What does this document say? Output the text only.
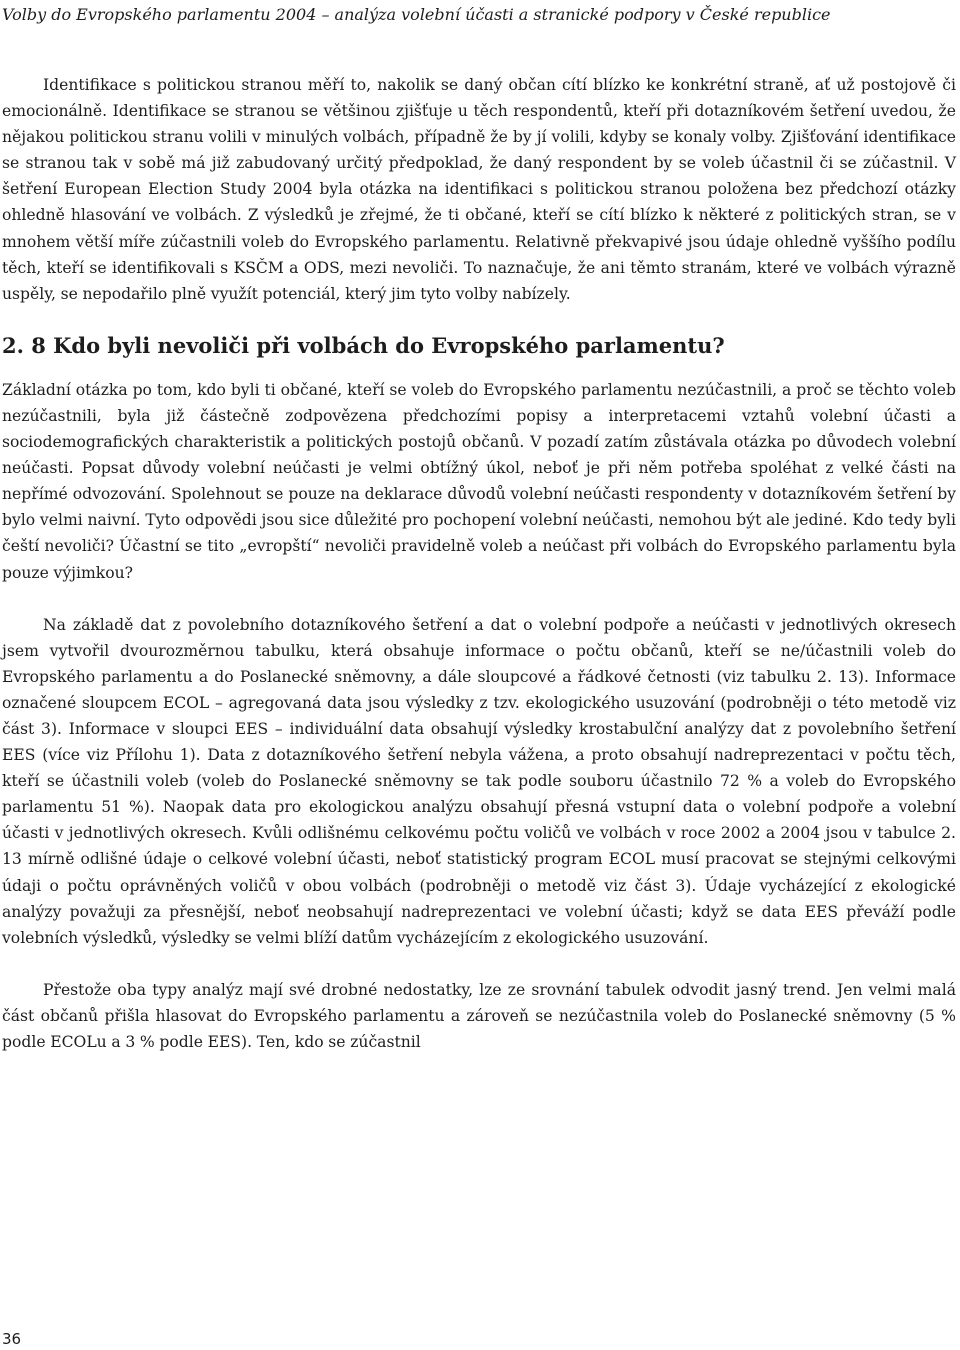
Volby do Evropského parlamentu 2004 – analýza volební účasti a stranické podpory v České republice

Identifikace s politickou stranou měří to, nakolik se daný občan cítí blízko ke konkrétní straně, ať už postojově či emocionálně. Identifikace se stranou se většinou zjišťuje u těch respondentů, kteří při dotazníkovém šetření uvedou, že nějakou politickou stranu volili v minulých volbách, případně že by jí volili, kdyby se konaly volby. Zjišťování identifikace se stranou tak v sobě má již zabudovaný určitý předpoklad, že daný respondent by se voleb účastnil či se zúčastnil. V šetření European Election Study 2004 byla otázka na identifikaci s politickou stranou položena bez předchozí otázky ohledně hlasování ve volbách. Z výsledků je zřejmé, že ti občané, kteří se cítí blízko k některé z politických stran, se v mnohem větší míře zúčastnili voleb do Evropského parlamentu. Relativně překvapivé jsou údaje ohledně vyššího podílu těch, kteří se identifikovali s KSČM a ODS, mezi nevoliči. To naznačuje, že ani těmto stranám, které ve volbách výrazně uspěly, se nepodařilo plně využít potenciál, který jim tyto volby nabízely.

2. 8 Kdo byli nevoliči při volbách do Evropského parlamentu?

Základní otázka po tom, kdo byli ti občané, kteří se voleb do Evropského parlamentu nezúčastnili, a proč se těchto voleb nezúčastnili, byla již částečně zodpovězena předchozími popisy a interpretacemi vztahů volební účasti a sociodemografických charakteristik a politických postojů občanů. V pozadí zatím zůstávala otázka po důvodech volební neúčasti. Popsat důvody volební neúčasti je velmi obtížný úkol, neboť je při něm potřeba spoléhat z velké části na nepřímé odvozování. Spolehnout se pouze na deklarace důvodů volební neúčasti respondenty v dotazníkovém šetření by bylo velmi naivní. Tyto odpovědi jsou sice důležité pro pochopení volební neúčasti, nemohou být ale jediné. Kdo tedy byli čeští nevoliči? Účastní se tito „evropští“ nevoliči pravidelně voleb a neúčast při volbách do Evropského parlamentu byla pouze výjimkou?

Na základě dat z povolebního dotazníkového šetření a dat o volební podpoře a neúčasti v jednotlivých okresech jsem vytvořil dvourozměrnou tabulku, která obsahuje informace o počtu občanů, kteří se ne/účastnili voleb do Evropského parlamentu a do Poslanecké sněmovny, a dále sloupcové a řádkové četnosti (viz tabulku 2. 13). Informace označené sloupcem ECOL – agregovaná data jsou výsledky z tzv. ekologického usuzování (podrobněji o této metodě viz část 3). Informace v sloupci EES – individuální data obsahují výsledky krostabulční analýzy dat z povolebního šetření EES (více viz Přílohu 1). Data z dotazníkového šetření nebyla vážena, a proto obsahují nadreprezentaci v počtu těch, kteří se účastnili voleb (voleb do Poslanecké sněmovny se tak podle souboru účastnilo 72 % a voleb do Evropského parlamentu 51 %). Naopak data pro ekologickou analýzu obsahují přesná vstupní data o volební podpoře a volební účasti v jednotlivých okresech. Kvůli odlišnému celkovému počtu voličů ve volbách v roce 2002 a 2004 jsou v tabulce 2. 13 mírně odlišné údaje o celkové volební účasti, neboť statistický program ECOL musí pracovat se stejnými celkovými údaji o počtu oprávněných voličů v obou volbách (podrobněji o metodě viz část 3). Údaje vycházející z ekologické analýzy považuji za přesnější, neboť neobsahují nadreprezentaci ve volební účasti; když se data EES převáží podle volebních výsledků, výsledky se velmi blíží datům vycházejícím z ekologického usuzování.

Přestože oba typy analýz mají své drobné nedostatky, lze ze srovnání tabulek odvodit jasný trend. Jen velmi malá část občanů přišla hlasovat do Evropského parlamentu a zároveň se nezúčastnila voleb do Poslanecké sněmovny (5 % podle ECOLu a 3 % podle EES). Ten, kdo se zúčastnil

36
